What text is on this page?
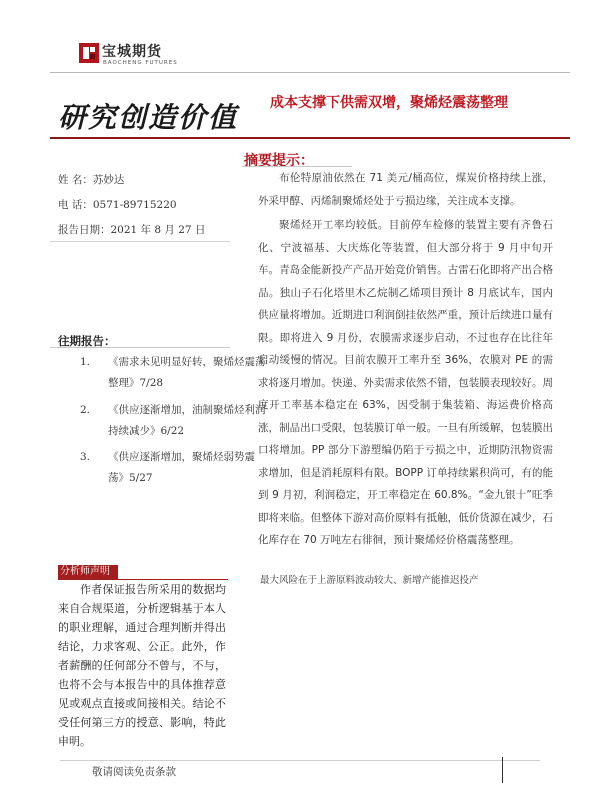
宝城期货
BAOCHENG FUTURES
研究创造价值 成本支撑下供需双增，聚烯烃震荡整理
姓 名：苏妙达
电 话：0571-89715220
报告日期：2021 年 8 月 27 日
往期报告：
1. 《需求未见明显好转，聚烯烃震荡整理》7/28
2. 《供应逐渐增加，油制聚烯烃利润持续减少》6/22
3. 《供应逐渐增加，聚烯烃弱势震荡》5/27
分析师声明
作者保证报告所采用的数据均来自合规渠道，分析逻辑基于本人的职业理解，通过合理判断并得出结论，力求客观、公正。此外，作者薪酬的任何部分不曾与，不与，也将不会与本报告中的具体推荐意见或观点直接或间接相关。结论不受任何第三方的授意、影响，特此申明。
摘要提示：
布伦特原油依然在 71 美元/桶高位，煤炭价格持续上涨，外采甲醇、丙烯制聚烯烃处于亏损边缘，关注成本支撑。
聚烯烃开工率均较低。目前停车检修的装置主要有齐鲁石化、宁波福基、大庆炼化等装置，但大部分将于 9 月中旬开车。青岛金能新投产产品开始竞价销售。古雷石化即将产出合格品。独山子石化塔里木乙烷制乙烯项目预计 8 月底试车，国内供应量将增加。近期进口利润倒挂依然严重，预计后续进口量有限。即将进入 9 月份，农膜需求逐步启动，不过也存在比往年启动缓慢的情况。目前农膜开工率升至 36%，农膜对 PE 的需求将逐月增加。快递、外卖需求依然不错，包装膜表现较好。周度开工率基本稳定在 63%，因受制于集装箱、海运费价格高涨，制品出口受限，包装膜订单一般。一旦有所缓解，包装膜出口将增加。PP 部分下游塑编仍陷于亏损之中，近期防汛物资需求增加，但是消耗原料有限。BOPP 订单持续累积尚可，有的能到 9 月初，利润稳定，开工率稳定在 60.8%。“金九银十”旺季即将来临。但整体下游对高价原料有抵触，低价货源在减少，石化库存在 70 万吨左右徘徊，预计聚烯烃价格震荡整理。
最大风险在于上游原料波动较大、新增产能推迟投产
敬请阅读免责条款
